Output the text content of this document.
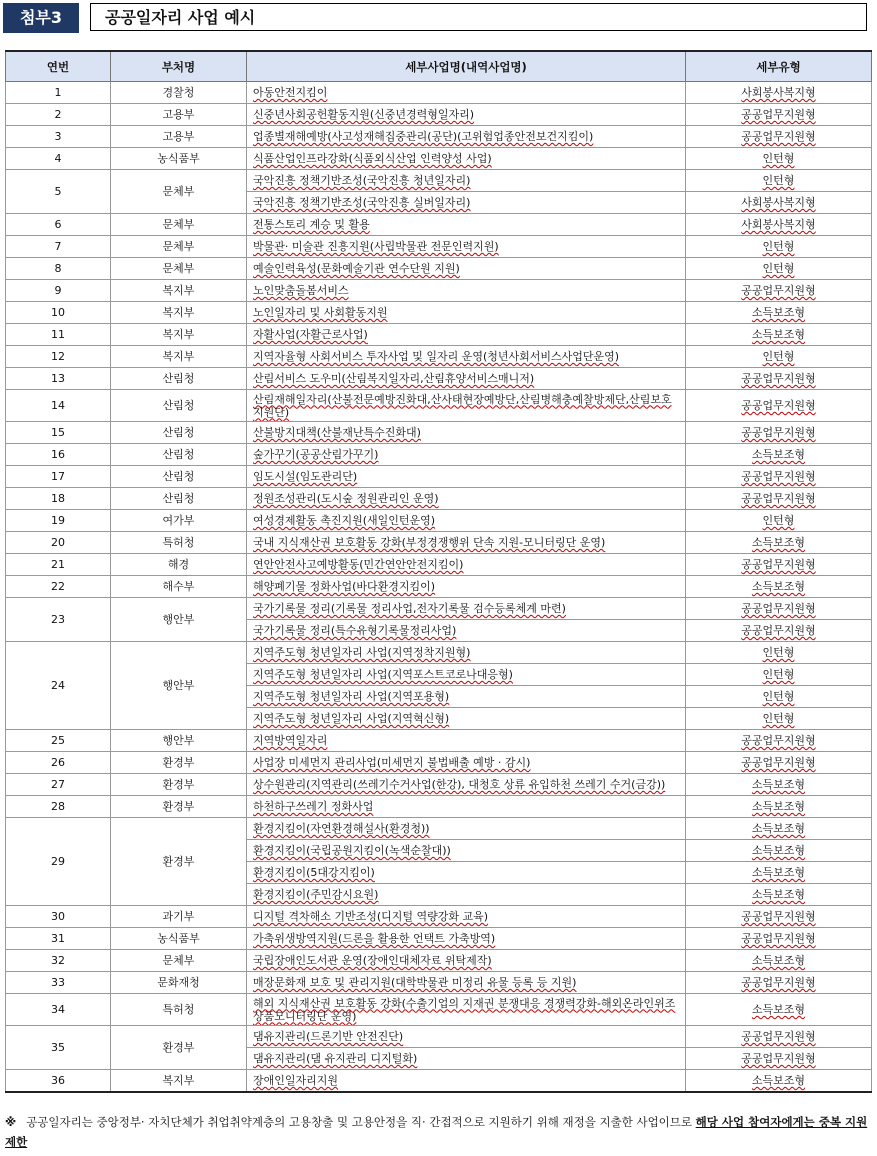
첨부3	공공일자리 사업 예시
연번	부처명	세부사업명(내역사업명)	세부유형
1	경찰청	아동안전지킴이	사회봉사복지형
2	고용부	신중년사회공헌활동지원(신중년경력형일자리)	공공업무지원형
3	고용부	업종별재해예방(사고성재해집중관리(공단)(고위험업종안전보건지킴이)	공공업무지원형
4	농식품부	식품산업인프라강화(식품외식산업 인력양성 사업)	인턴형
5	문체부	국악진흥 정책기반조성(국악진흥 청년일자리)	인턴형
		국악진흥 정책기반조성(국악진흥 실버일자리)	사회봉사복지형
6	문체부	전통스토리 계승 및 활용	사회봉사복지형
7	문체부	박물관· 미술관 진흥지원(사립박물관 전문인력지원)	인턴형
8	문체부	예술인력육성(문화예술기관 연수단원 지원)	인턴형
9	복지부	노인맞춤돌봄서비스	공공업무지원형
10	복지부	노인일자리 및 사회활동지원	소득보조형
11	복지부	자활사업(자활근로사업)	소득보조형
12	복지부	지역자율형 사회서비스 투자사업 및 일자리 운영(청년사회서비스사업단운영)	인턴형
13	산림청	산림서비스 도우미(산림복지일자리,산림휴양서비스매니저)	공공업무지원형
14	산림청	산림재해일자리(산불전문예방진화대,산사태현장예방단,산림병해충예찰방제단,산림보호지원단)	공공업무지원형
15	산림청	산불방지대책(산불재난특수진화대)	공공업무지원형
16	산림청	숲가꾸기(공공산림가꾸기)	소득보조형
17	산림청	임도시설(임도관리단)	공공업무지원형
18	산림청	정원조성관리(도시숲 정원관리인 운영)	공공업무지원형
19	여가부	여성경제활동 촉진지원(새일인턴운영)	인턴형
20	특허청	국내 지식재산권 보호활동 강화(부정경쟁행위 단속 지원-모니터링단 운영)	소득보조형
21	해경	연안안전사고예방활동(민간연안안전지킴이)	공공업무지원형
22	해수부	해양폐기물 정화사업(바다환경지킴이)	소득보조형
23	행안부	국가기록물 정리(기록물 정리사업,전자기록물 검수등록체계 마련)	공공업무지원형
		국가기록물 정리(특수유형기록물정리사업)	공공업무지원형
24	행안부	지역주도형 청년일자리 사업(지역정착지원형)	인턴형
		지역주도형 청년일자리 사업(지역포스트코로나대응형)	인턴형
		지역주도형 청년일자리 사업(지역포용형)	인턴형
		지역주도형 청년일자리 사업(지역혁신형)	인턴형
25	행안부	지역방역일자리	공공업무지원형
26	환경부	사업장 미세먼지 관리사업(미세먼지 불법배출 예방 · 감시)	공공업무지원형
27	환경부	상수원관리(지역관리(쓰레기수거사업(한강), 대청호 상류 유입하천 쓰레기 수거(금강))	소득보조형
28	환경부	하천하구쓰레기 정화사업	소득보조형
29	환경부	환경지킴이(자연환경해설사(환경청))	소득보조형
		환경지킴이(국립공원지킴이(녹색순찰대))	소득보조형
		환경지킴이(5대강지킴이)	소득보조형
		환경지킴이(주민감시요원)	소득보조형
30	과기부	디지털 격차해소 기반조성(디지털 역량강화 교육)	공공업무지원형
31	농식품부	가축위생방역지원(드론을 활용한 언택트 가축방역)	공공업무지원형
32	문체부	국립장애인도서관 운영(장애인대체자료 위탁제작)	소득보조형
33	문화재청	매장문화재 보호 및 관리지원(대학박물관 미정리 유물 등록 등 지원)	공공업무지원형
34	특허청	해외 지식재산권 보호활동 강화(수출기업의 지재권 분쟁대응 경쟁력강화-해외온라인위조상품모니터링단 운영)	소득보조형
35	환경부	댐유지관리(드론기반 안전진단)	공공업무지원형
		댐유지관리(댐 유지관리 디지털화)	공공업무지원형
36	복지부	장애인일자리지원	소득보조형
※ 공공일자리는 중앙정부· 자치단체가 취업취약계층의 고용창출 및 고용안정을 직· 간접적으로 지원하기 위해 재정을 지출한 사업이므로 해당 사업 참여자에게는 중복 지원 제한
